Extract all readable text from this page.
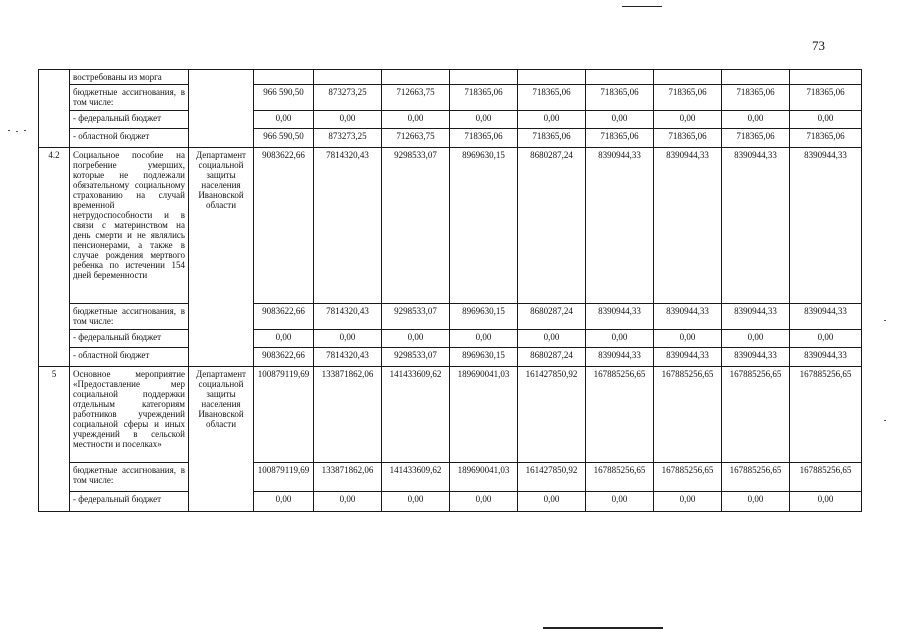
73
	востребованы из морга										
	бюджетные ассигнования, в том числе:		966 590,50	873273,25	712663,75	718365,06	718365,06	718365,06	718365,06	718365,06	718365,06
	- федеральный бюджет		0,00	0,00	0,00	0,00	0,00	0,00	0,00	0,00	0,00
	- областной бюджет		966 590,50	873273,25	712663,75	718365,06	718365,06	718365,06	718365,06	718365,06	718365,06
4.2	Социальное пособие на погребение умерших, которые не подлежали обязательному социальному страхованию на случай временной нетрудоспособности и в связи с материнством на день смерти и не являлись пенсионерами, а также в случае рождения мертвого ребенка по истечении 154 дней беременности	Департамент социальной защиты населения Ивановской области	9083622,66	7814320,43	9298533,07	8969630,15	8680287,24	8390944,33	8390944,33	8390944,33	8390944,33
	бюджетные ассигнования, в том числе:		9083622,66	7814320,43	9298533,07	8969630,15	8680287,24	8390944,33	8390944,33	8390944,33	8390944,33
	- федеральный бюджет		0,00	0,00	0,00	0,00	0,00	0,00	0,00	0,00	0,00
	- областной бюджет		9083622,66	7814320,43	9298533,07	8969630,15	8680287,24	8390944,33	8390944,33	8390944,33	8390944,33
5	Основное мероприятие «Предоставление мер социальной поддержки отдельным категориям работников учреждений социальной сферы и иных учреждений в сельской местности и поселках»	Департамент социальной защиты населения Ивановской области	100879119,69	133871862,06	141433609,62	189690041,03	161427850,92	167885256,65	167885256,65	167885256,65	167885256,65
	бюджетные ассигнования, в том числе:		100879119,69	133871862,06	141433609,62	189690041,03	161427850,92	167885256,65	167885256,65	167885256,65	167885256,65
	- федеральный бюджет		0,00	0,00	0,00	0,00	0,00	0,00	0,00	0,00	0,00
